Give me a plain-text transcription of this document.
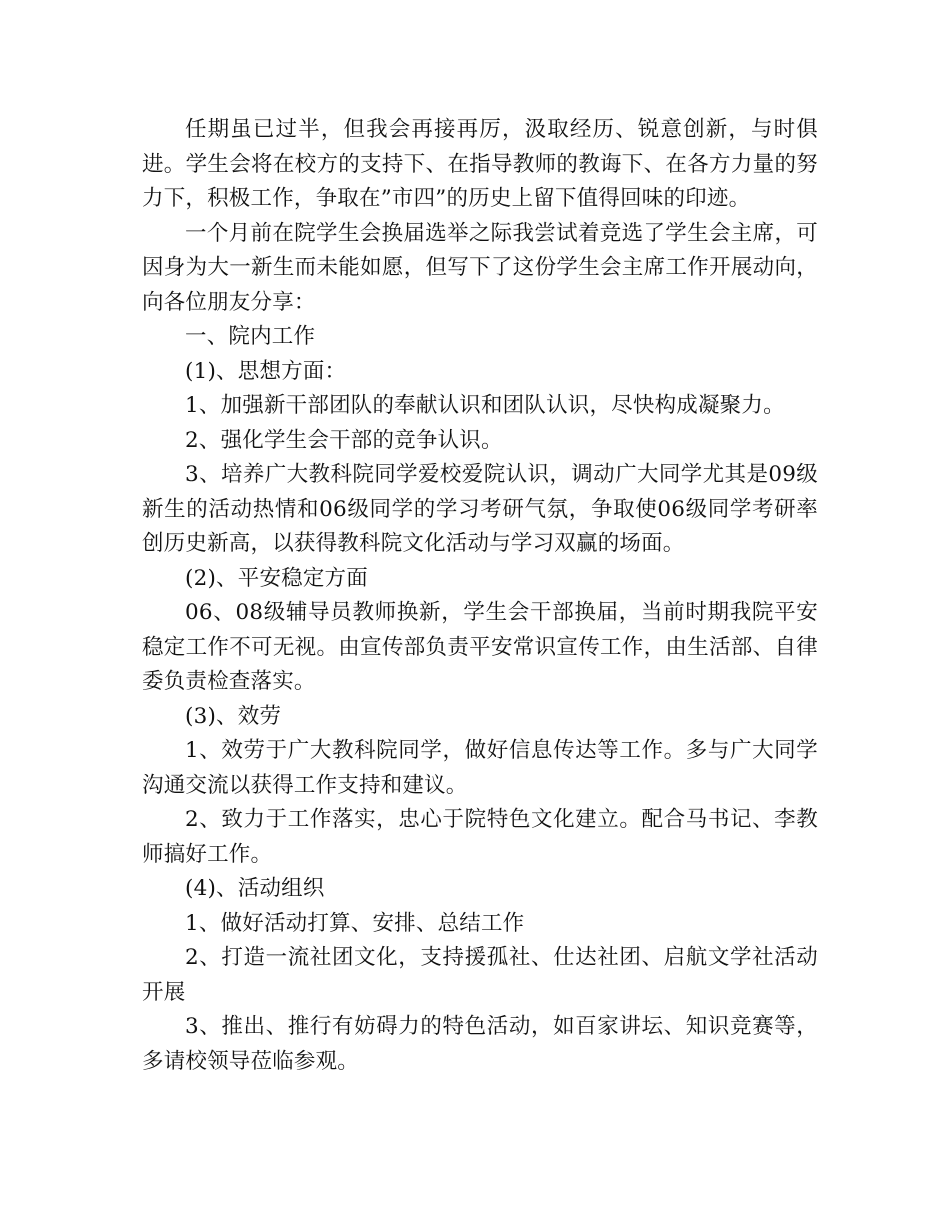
任期虽已过半，但我会再接再厉，汲取经历、锐意创新，与时俱进。学生会将在校方的支持下、在指导教师的教诲下、在各方力量的努力下，积极工作，争取在”市四”的历史上留下值得回味的印迹。

一个月前在院学生会换届选举之际我尝试着竞选了学生会主席，可因身为大一新生而未能如愿，但写下了这份学生会主席工作开展动向，向各位朋友分享：

一、院内工作

(1)、思想方面：

1、加强新干部团队的奉献认识和团队认识，尽快构成凝聚力。

2、强化学生会干部的竞争认识。

3、培养广大教科院同学爱校爱院认识，调动广大同学尤其是09级新生的活动热情和06级同学的学习考研气氛，争取使06级同学考研率创历史新高，以获得教科院文化活动与学习双赢的场面。

(2)、平安稳定方面

06、08级辅导员教师换新，学生会干部换届，当前时期我院平安稳定工作不可无视。由宣传部负责平安常识宣传工作，由生活部、自律委负责检查落实。

(3)、效劳

1、效劳于广大教科院同学，做好信息传达等工作。多与广大同学沟通交流以获得工作支持和建议。

2、致力于工作落实，忠心于院特色文化建立。配合马书记、李教师搞好工作。

(4)、活动组织

1、做好活动打算、安排、总结工作

2、打造一流社团文化，支持援孤社、仕达社团、启航文学社活动开展

3、推出、推行有妨碍力的特色活动，如百家讲坛、知识竞赛等，多请校领导莅临参观。
